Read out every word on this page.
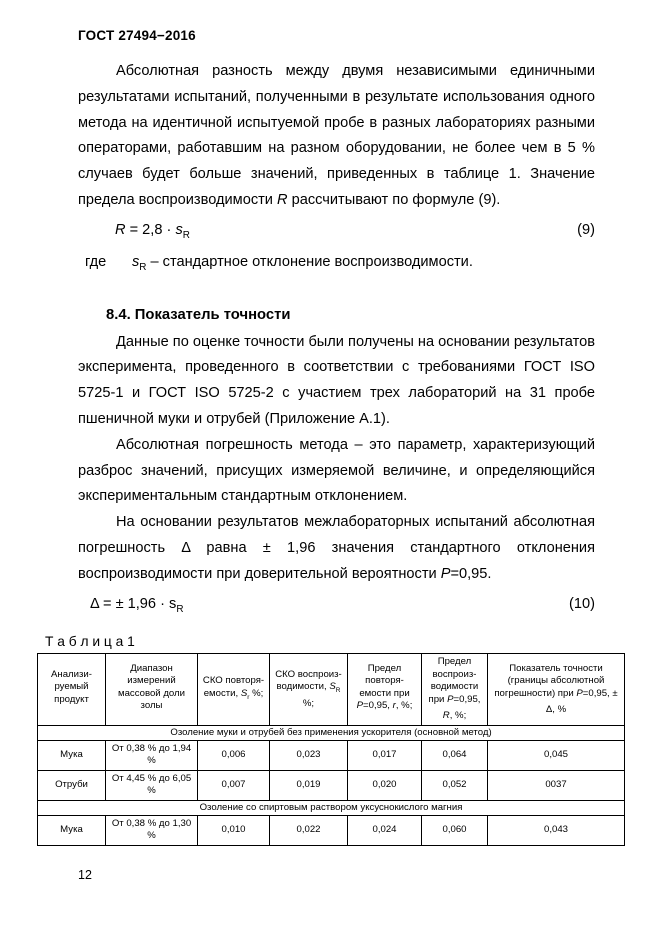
ГОСТ 27494−2016

Абсолютная разность между двумя независимыми единичными результатами испытаний, полученными в результате использования одного метода на идентичной испытуемой пробе в разных лабораториях разными операторами, работавшим на разном оборудовании, не более чем в 5 % случаев будет больше значений, приведенных в таблице 1. Значение предела воспроизводимости R рассчитывают по формуле (9).

$R = 2,8 \cdot s_R$	(9)
где $s_R$ – стандартное отклонение воспроизводимости.
8.4. Показатель точности

Данные по оценке точности были получены на основании результатов эксперимента, проведенного в соответствии с требованиями ГОСТ ISO 5725-1 и ГОСТ ISO 5725-2 с участием трех лабораторий на 31 пробе пшеничной муки и отрубей (Приложение А.1).

Абсолютная погрешность метода – это параметр, характеризующий разброс значений, присущих измеряемой величине, и определяющийся экспериментальным стандартным отклонением.

На основании результатов межлабораторных испытаний абсолютная погрешность Δ равна ± 1,96 значения стандартного отклонения воспроизводимости при доверительной вероятности P=0,95.

Δ = ± $1,96 \cdot s_R$	(10)
Т а б л и ц а 1
Анализи-руемый продукт	Диапазон измерений массовой доли золы	СКО повторя-емости, $S_r$ %;	СКО воспроиз-водимости, $S_R$ %;	Предел повторя-емости при P=0,95, r, %;	Предел воспроиз-водимости при P=0,95, R, %;	Показатель точности (границы абсолютной погрешности) при P=0,95, ± Δ, %
Озоление муки и отрубей без применения ускорителя (основной метод)						
Мука	От 0,38 % до 1,94 %	0,006	0,023	0,017	0,064	0,045
Отруби	От 4,45 % до 6,05 %	0,007	0,019	0,020	0,052	0037
Озоление со спиртовым раствором уксуснокислого магния						
Мука	От 0,38 % до 1,30 %	0,010	0,022	0,024	0,060	0,043
12
